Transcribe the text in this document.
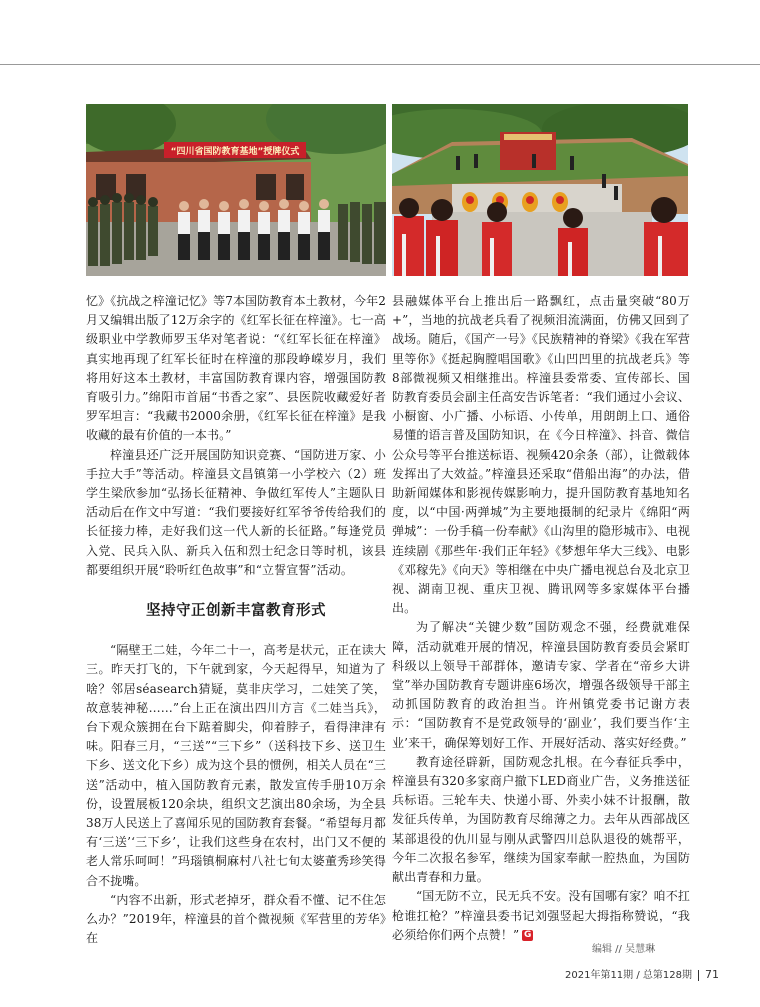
“四川省国防教育基地”授牌仪式

忆》《抗战之梓潼记忆》等7本国防教育本土教材，今年2月又编辑出版了12万余字的《红军长征在梓潼》。七一高级职业中学教师罗玉华对笔者说：“《红军长征在梓潼》真实地再现了红军长征时在梓潼的那段峥嵘岁月，我们将用好这本土教材，丰富国防教育课内容，增强国防教育吸引力。”绵阳市首届“书香之家”、县医院收藏爱好者罗军坦言：“我藏书2000余册，《红军长征在梓潼》是我收藏的最有价值的一本书。”

梓潼县还广泛开展国防知识竞赛、“国防进万家、小手拉大手”等活动。梓潼县文昌镇第一小学校六（2）班学生梁欣参加“弘扬长征精神、争做红军传人”主题队日活动后在作文中写道：“我们要接好红军爷爷传给我们的长征接力棒，走好我们这一代人新的长征路。”每逢党员入党、民兵入队、新兵入伍和烈士纪念日等时机，该县都要组织开展“聆听红色故事”和“立誓宣誓”活动。

坚持守正创新丰富教育形式

“隔壁王二娃，今年二十一，高考是状元，正在读大三。昨天打飞的，下午就到家，今天起得早，知道为了啥？邻居séasearch猜疑，莫非庆学习，二娃笑了笑，故意装神秘……”台上正在演出四川方言《二娃当兵》，台下观众簇拥在台下踮着脚尖，仰着脖子，看得津津有味。阳春三月，“三送”“三下乡”（送科技下乡、送卫生下乡、送文化下乡）成为这个县的惯例，相关人员在“三送”活动中，植入国防教育元素，散发宣传手册10万余份，设置展板120余块，组织文艺演出80余场，为全县38万人民送上了喜闻乐见的国防教育套餐。“希望每月都有‘三送’‘三下乡’，让我们这些身在农村，出门又不便的老人常乐呵呵！”玛瑙镇桐麻村八社七旬太婆董秀珍笑得合不拢嘴。

“内容不出新，形式老掉牙，群众看不懂、记不住怎么办？”2019年，梓潼县的首个微视频《军营里的芳华》在

县融媒体平台上推出后一路飘红，点击量突破“80万+”，当地的抗战老兵看了视频泪流满面，仿佛又回到了战场。随后，《国产一号》《民族精神的脊梁》《我在军营里等你》《挺起胸膛唱国歌》《山凹凹里的抗战老兵》等8部微视频又相继推出。梓潼县委常委、宣传部长、国防教育委员会副主任高安告诉笔者：“我们通过小会议、小橱窗、小广播、小标语、小传单，用朗朗上口、通俗易懂的语言普及国防知识，在《今日梓潼》、抖音、微信公众号等平台推送标语、视频420余条（部），让微载体发挥出了大效益。”梓潼县还采取“借船出海”的办法，借助新闻媒体和影视传媒影响力，提升国防教育基地知名度，以“中国·两弹城”为主要地摄制的纪录片《绵阳“两弹城”：一份手稿一份奉献》《山沟里的隐形城市》、电视连续剧《那些年·我们正年轻》《梦想年华大三线》、电影《邓稼先》《向天》等相继在中央广播电视总台及北京卫视、湖南卫视、重庆卫视、腾讯网等多家媒体平台播出。

为了解决“关键少数”国防观念不强，经费就难保障，活动就难开展的情况，梓潼县国防教育委员会紧盯科级以上领导干部群体，邀请专家、学者在“帝乡大讲堂”举办国防教育专题讲座6场次，增强各级领导干部主动抓国防教育的政治担当。许州镇党委书记谢方表示：“国防教育不是党政领导的‘副业’，我们要当作‘主业’来干，确保筹划好工作、开展好活动、落实好经费。”

教育途径辟新，国防观念扎根。在今春征兵季中，梓潼县有320多家商户撤下LED商业广告，义务推送征兵标语。三轮车夫、快递小哥、外卖小妹不计报酬，散发征兵传单，为国防教育尽绵薄之力。去年从西部战区某部退役的仇川显与刚从武警四川总队退役的姚帮平，今年二次报名参军，继续为国家奉献一腔热血，为国防献出青春和力量。

“国无防不立，民无兵不安。没有国哪有家？咱不扛枪谁扛枪？”梓潼县委书记刘强竖起大拇指称赞说，“我必须给你们两个点赞！” G

编辑 // 吴慧琳
2021年第11期 / 总第128期 71
